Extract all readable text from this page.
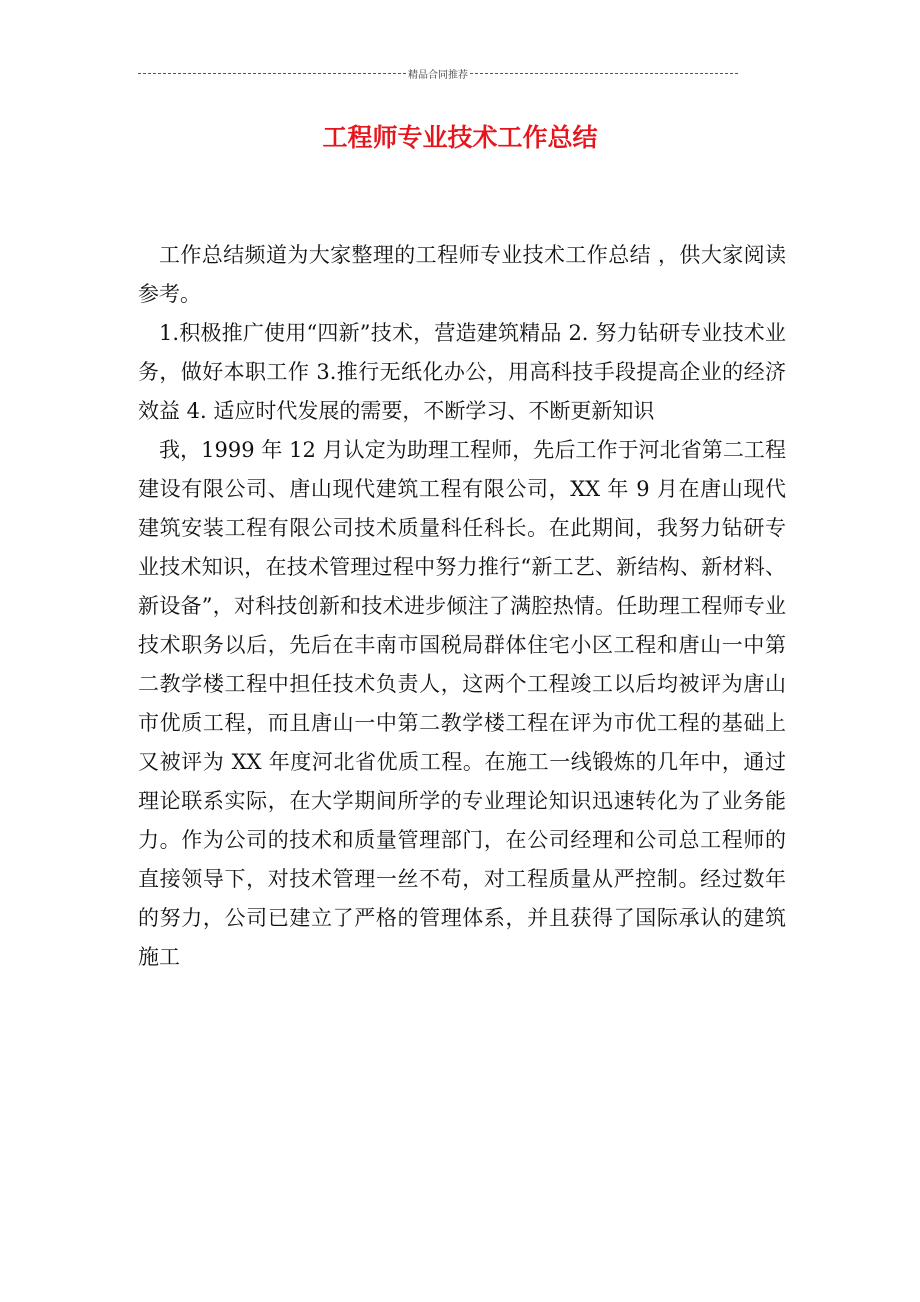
精品合同推荐
工程师专业技术工作总结

工作总结频道为大家整理的工程师专业技术工作总结 ，供大家阅读参考。

1.积极推广使用“四新”技术，营造建筑精品 2. 努力钻研专业技术业务，做好本职工作 3.推行无纸化办公，用高科技手段提高企业的经济效益 4. 适应时代发展的需要，不断学习、不断更新知识

我，1999 年 12 月认定为助理工程师，先后工作于河北省第二工程建设有限公司、唐山现代建筑工程有限公司，XX 年 9 月在唐山现代建筑安装工程有限公司技术质量科任科长。在此期间，我努力钻研专业技术知识，在技术管理过程中努力推行“新工艺、新结构、新材料、新设备”，对科技创新和技术进步倾注了满腔热情。任助理工程师专业技术职务以后，先后在丰南市国税局群体住宅小区工程和唐山一中第二教学楼工程中担任技术负责人，这两个工程竣工以后均被评为唐山市优质工程，而且唐山一中第二教学楼工程在评为市优工程的基础上又被评为 XX 年度河北省优质工程。在施工一线锻炼的几年中，通过理论联系实际，在大学期间所学的专业理论知识迅速转化为了业务能力。作为公司的技术和质量管理部门，在公司经理和公司总工程师的直接领导下，对技术管理一丝不苟，对工程质量从严控制。经过数年的努力，公司已建立了严格的管理体系，并且获得了国际承认的建筑施工
